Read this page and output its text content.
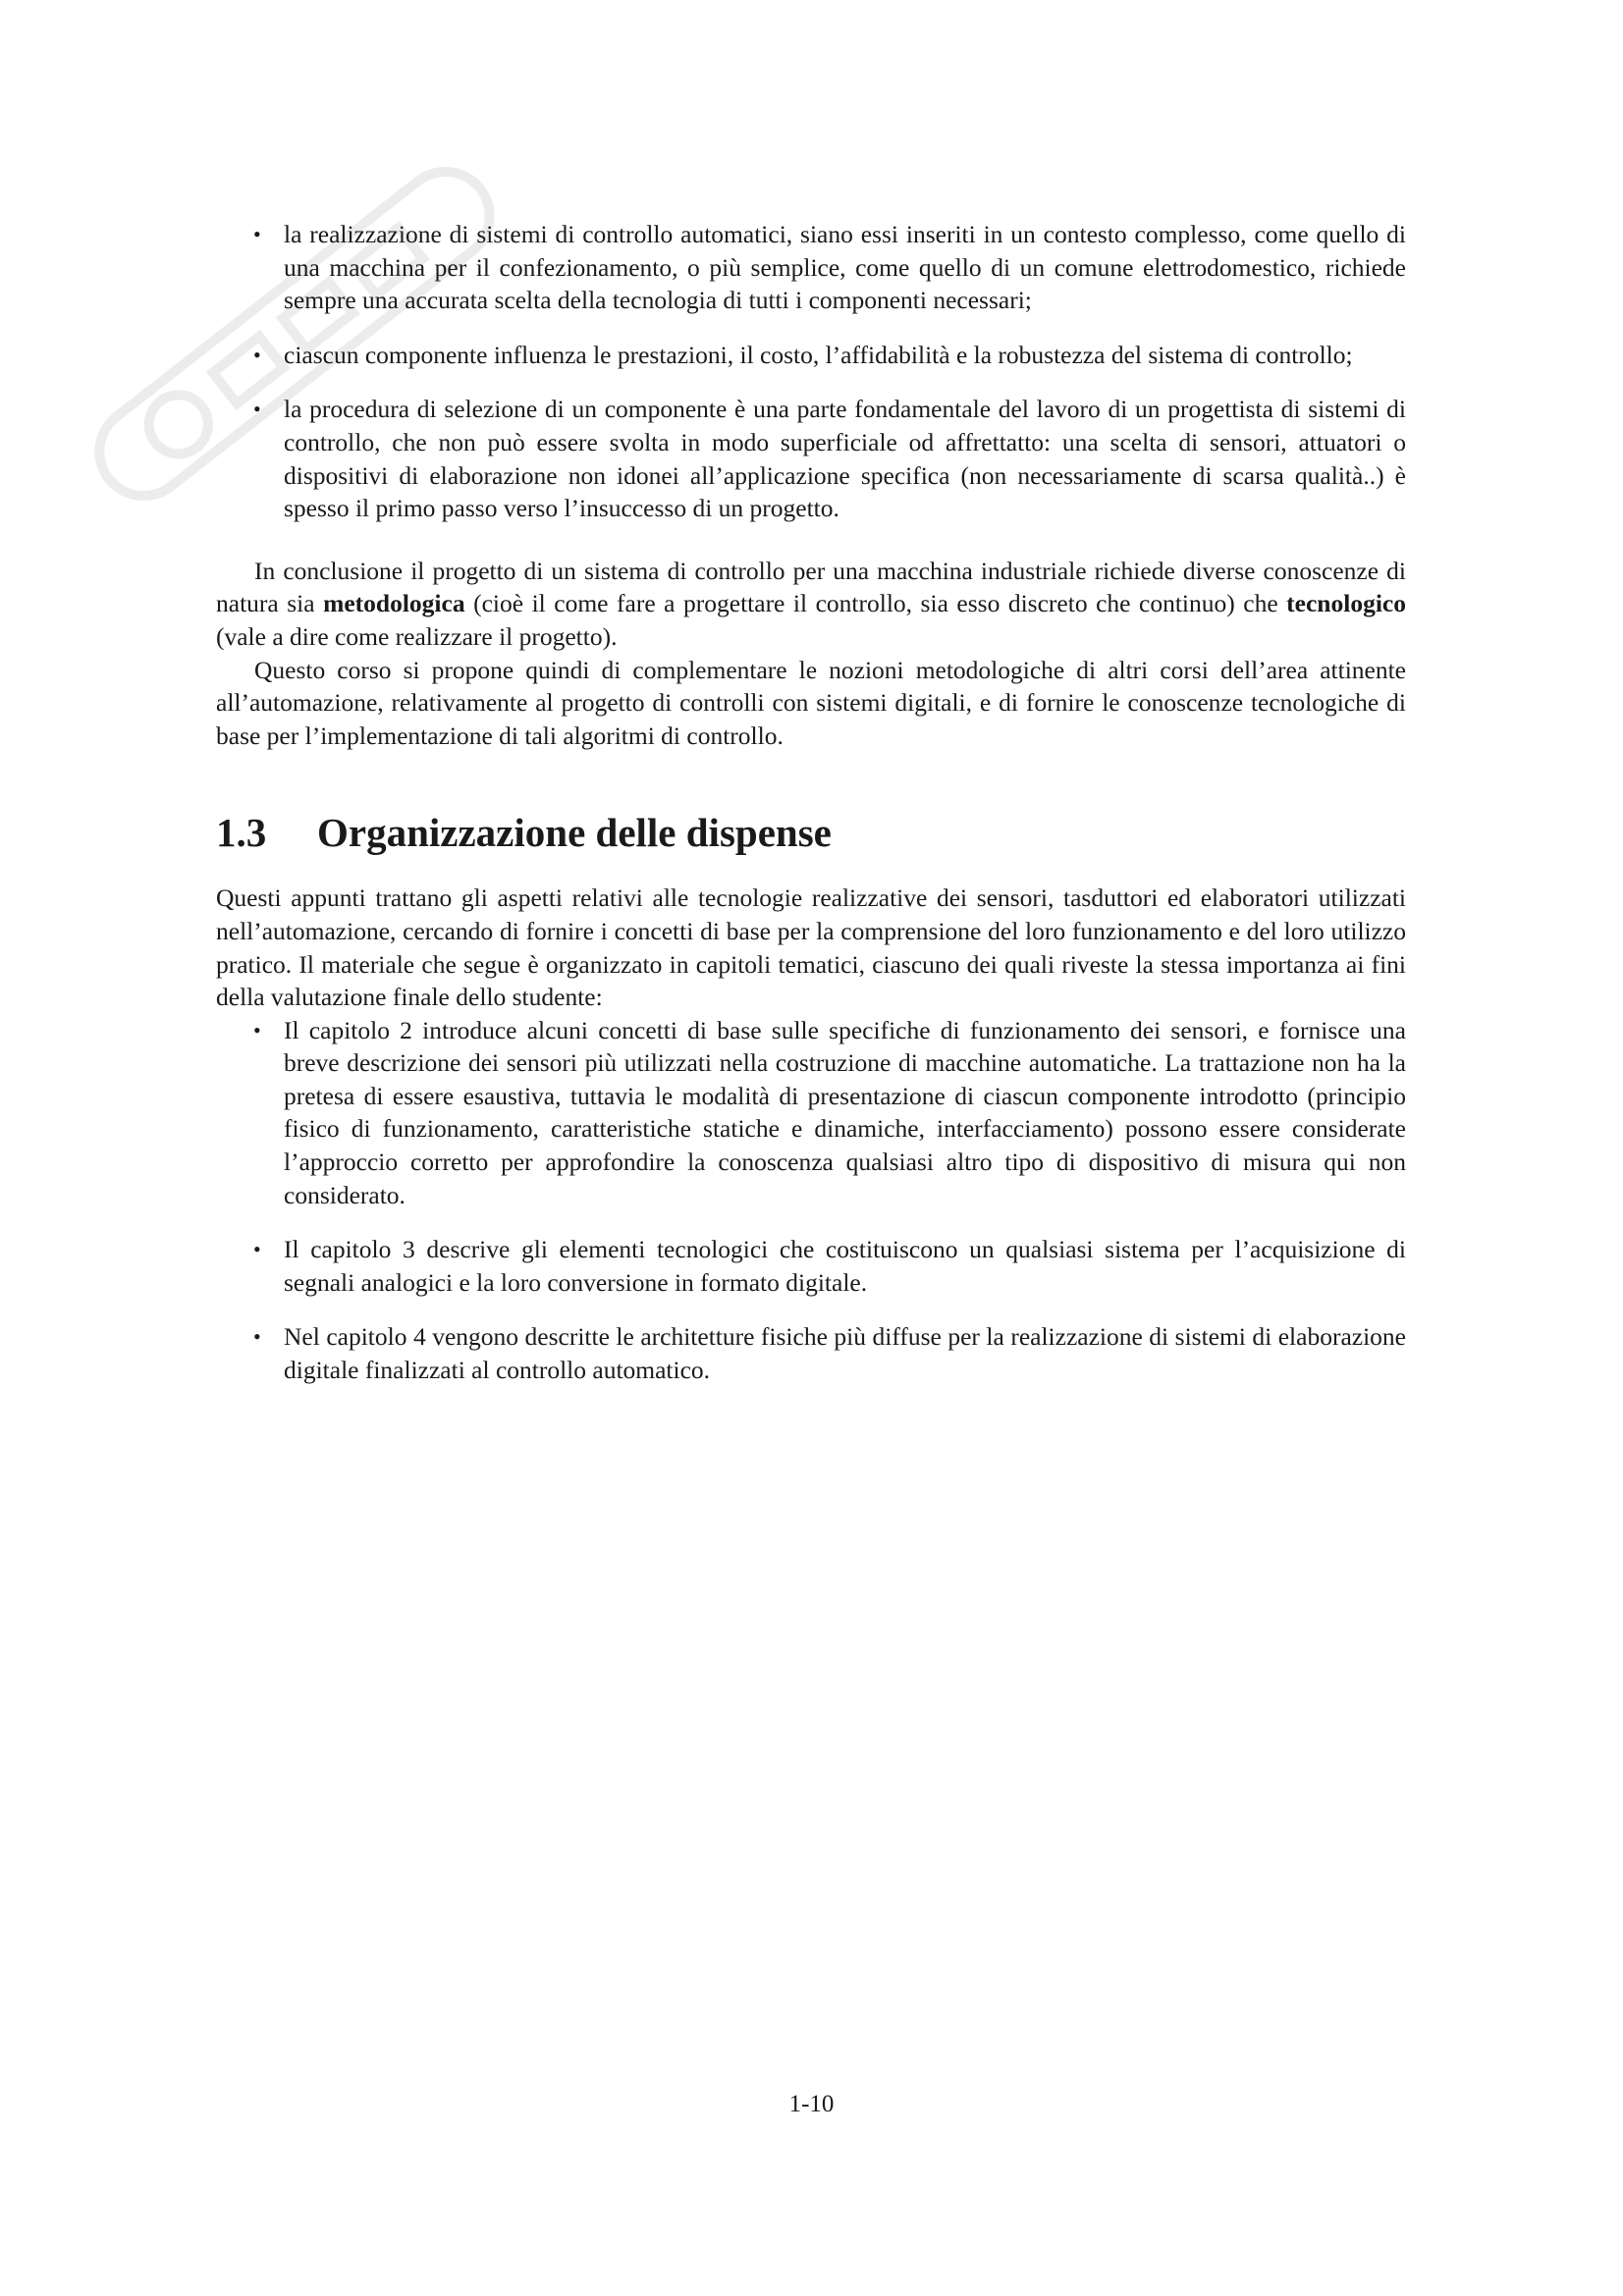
• la realizzazione di sistemi di controllo automatici, siano essi inseriti in un contesto complesso, come quello di una macchina per il confezionamento, o più semplice, come quello di un comune elettrodomestico, richiede sempre una accurata scelta della tecnologia di tutti i componenti necessari;
• ciascun componente influenza le prestazioni, il costo, l’affidabilità e la robustezza del sistema di controllo;
• la procedura di selezione di un componente è una parte fondamentale del lavoro di un progettista di sistemi di controllo, che non può essere svolta in modo superficiale od affrettatto: una scelta di sensori, attuatori o dispositivi di elaborazione non idonei all’applicazione specifica (non necessariamente di scarsa qualità..) è spesso il primo passo verso l’insuccesso di un progetto.

In conclusione il progetto di un sistema di controllo per una macchina industriale richiede diverse conoscenze di natura sia metodologica (cioè il come fare a progettare il controllo, sia esso discreto che continuo) che tecnologico (vale a dire come realizzare il progetto).

Questo corso si propone quindi di complementare le nozioni metodologiche di altri corsi dell’area attinente all’automazione, relativamente al progetto di controlli con sistemi digitali, e di fornire le conoscenze tecnologiche di base per l’implementazione di tali algoritmi di controllo.

1.3 Organizzazione delle dispense

Questi appunti trattano gli aspetti relativi alle tecnologie realizzative dei sensori, tasduttori ed elaboratori utilizzati nell’automazione, cercando di fornire i concetti di base per la comprensione del loro funzionamento e del loro utilizzo pratico. Il materiale che segue è organizzato in capitoli tematici, ciascuno dei quali riveste la stessa importanza ai fini della valutazione finale dello studente:

• Il capitolo 2 introduce alcuni concetti di base sulle specifiche di funzionamento dei sensori, e fornisce una breve descrizione dei sensori più utilizzati nella costruzione di macchine automatiche. La trattazione non ha la pretesa di essere esaustiva, tuttavia le modalità di presentazione di ciascun componente introdotto (principio fisico di funzionamento, caratteristiche statiche e dinamiche, interfacciamento) possono essere considerate l’approccio corretto per approfondire la conoscenza qualsiasi altro tipo di dispositivo di misura qui non considerato.
• Il capitolo 3 descrive gli elementi tecnologici che costituiscono un qualsiasi sistema per l’acquisizione di segnali analogici e la loro conversione in formato digitale.
• Nel capitolo 4 vengono descritte le architetture fisiche più diffuse per la realizzazione di sistemi di elaborazione digitale finalizzati al controllo automatico.
1-10
